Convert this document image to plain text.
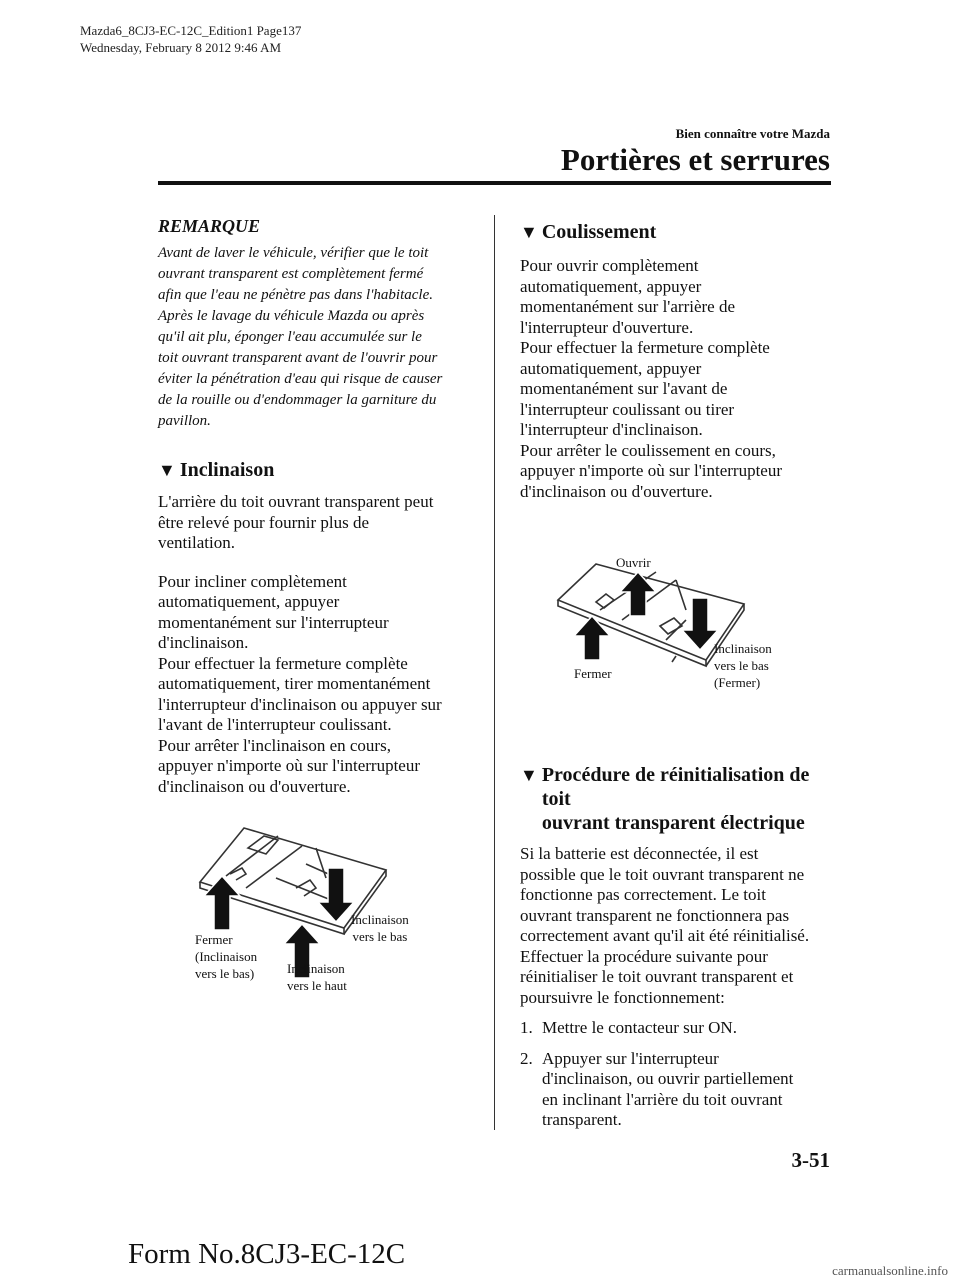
Mazda6_8CJ3-EC-12C_Edition1 Page137
Wednesday, February 8 2012 9:46 AM
Bien connaître votre Mazda
Portières et serrures

REMARQUE

Avant de laver le véhicule, vérifier que le toit

ouvrant transparent est complètement fermé

afin que l'eau ne pénètre pas dans l'habitacle.

Après le lavage du véhicule Mazda ou après

qu'il ait plu, éponger l'eau accumulée sur le

toit ouvrant transparent avant de l'ouvrir pour

éviter la pénétration d'eau qui risque de causer

de la rouille ou d'endommager la garniture du

pavillon.

▼ Inclinaison

L'arrière du toit ouvrant transparent peut

être relevé pour fournir plus de

ventilation.

Pour incliner complètement

automatiquement, appuyer

momentanément sur l'interrupteur

d'inclinaison.

Pour effectuer la fermeture complète

automatiquement, tirer momentanément

l'interrupteur d'inclinaison ou appuyer sur

l'avant de l'interrupteur coulissant.

Pour arrêter l'inclinaison en cours,

appuyer n'importe où sur l'interrupteur

d'inclinaison ou d'ouverture.

Fermer
(Inclinaison
vers le bas)	Inclinaison
vers le haut
Inclinaison
vers le bas
▼ Coulissement

Pour ouvrir complètement

automatiquement, appuyer

momentanément sur l'arrière de

l'interrupteur d'ouverture.

Pour effectuer la fermeture complète

automatiquement, appuyer

momentanément sur l'avant de

l'interrupteur coulissant ou tirer

l'interrupteur d'inclinaison.

Pour arrêter le coulissement en cours,

appuyer n'importe où sur l'interrupteur

d'inclinaison ou d'ouverture.

Ouvrir
Fermer
Inclinaison
vers le bas
(Fermer)
▼ Procédure de réinitialisation de toit
ouvrant transparent électrique

Si la batterie est déconnectée, il est

possible que le toit ouvrant transparent ne

fonctionne pas correctement. Le toit

ouvrant transparent ne fonctionnera pas

correctement avant qu'il ait été réinitialisé.

Effectuer la procédure suivante pour

réinitialiser le toit ouvrant transparent et

poursuivre le fonctionnement:

1. Mettre le contacteur sur ON.
2. Appuyer sur l'interrupteur
d'inclinaison, ou ouvrir partiellement
en inclinant l'arrière du toit ouvrant
transparent.
3-51
Form No.8CJ3-EC-12C
carmanualsonline.info
